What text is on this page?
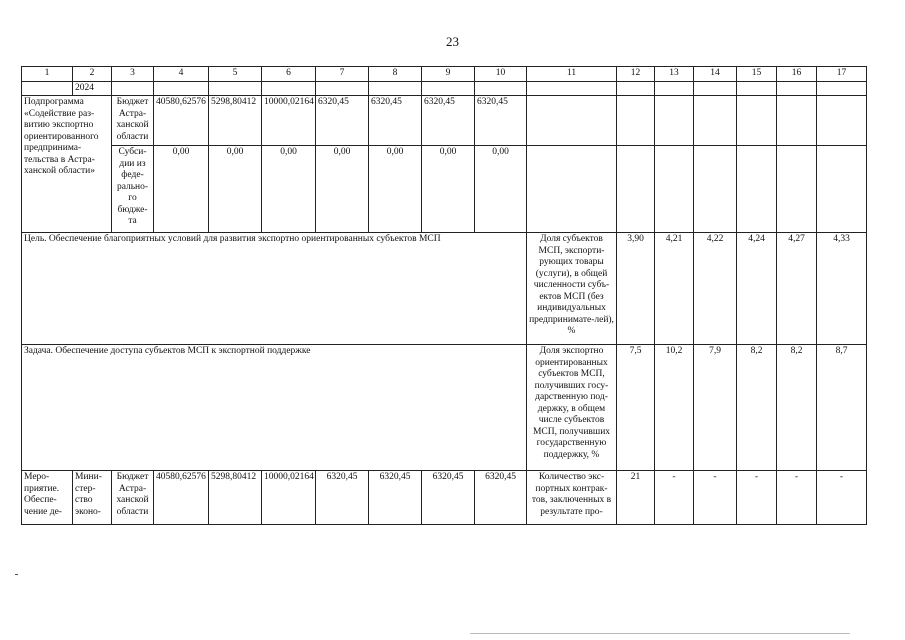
23
1	2	3	4	5	6	7	8	9	10	11	12	13	14	15	16	17
	2024															
Подпрограмма «Содействие раз-витию экспортно ориентированного предпринима-тельства в Астра-ханской области»		Бюджет Астра-ханской области	40580,62576	5298,80412	10000,02164	6320,45	6320,45	6320,45	6320,45							
		Субси-дии из феде-рально-го бюдже-та	0,00	0,00	0,00	0,00	0,00	0,00	0,00							
Цель. Обеспечение благоприятных условий для развития экспортно ориентированных субъектов МСП										Доля субъектов МСП, экспорти-рующих товары (услуги), в общей численности субъ-ектов МСП (без индивидуальных предпринимате-лей), %	3,90	4,21	4,22	4,24	4,27	4,33
Задача. Обеспечение доступа субъектов МСП к экспортной поддержке										Доля экспортно ориентированных субъектов МСП, получивших госу-дарственную под-держку, в общем числе субъектов МСП, получивших государственную поддержку, %	7,5	10,2	7,9	8,2	8,2	8,7
Меро-приятие. Обеспе-чение де-	Мини-стер-ство эконо-	Бюджет Астра-ханской области	40580,62576	5298,80412	10000,02164	6320,45	6320,45	6320,45	6320,45	Количество экс-портных контрак-тов, заключенных в результате про-	21	-	-	-	-	-
